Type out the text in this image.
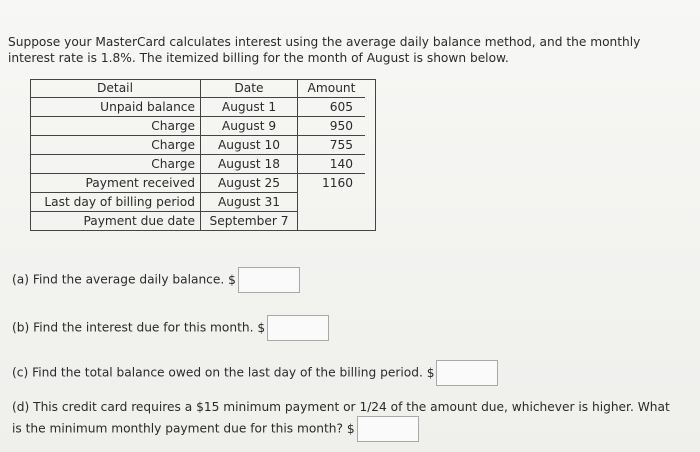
Suppose your MasterCard calculates interest using the average daily balance method, and the monthly interest rate is 1.8%. The itemized billing for the month of August is shown below.
Detail	Date	Amount
Unpaid balance	August 1	605
Charge	August 9	950
Charge	August 10	755
Charge	August 18	140
Payment received	August 25	1160
Last day of billing period	August 31	
Payment due date	September 7	
(a) Find the average daily balance. $
(b) Find the interest due for this month. $
(c) Find the total balance owed on the last day of the billing period. $
(d) This credit card requires a $15 minimum payment or 1/24 of the amount due, whichever is higher. What is the minimum monthly payment due for this month? $
